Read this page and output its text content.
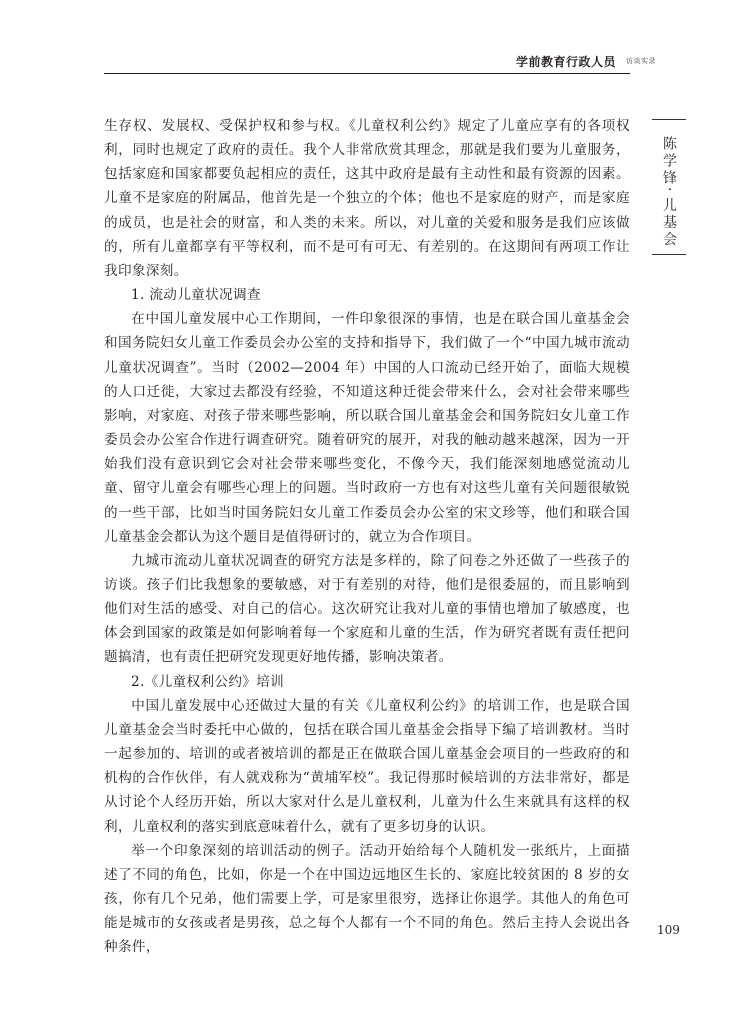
学前教育行政人员 访谈实录
陈学锋·儿基会

生存权、发展权、受保护权和参与权。《儿童权利公约》规定了儿童应享有的各项权利，同时也规定了政府的责任。我个人非常欣赏其理念，那就是我们要为儿童服务，包括家庭和国家都要负起相应的责任，这其中政府是最有主动性和最有资源的因素。儿童不是家庭的附属品，他首先是一个独立的个体；他也不是家庭的财产，而是家庭的成员，也是社会的财富，和人类的未来。所以，对儿童的关爱和服务是我们应该做的，所有儿童都享有平等权利，而不是可有可无、有差别的。在这期间有两项工作让我印象深刻。

1. 流动儿童状况调查

在中国儿童发展中心工作期间，一件印象很深的事情，也是在联合国儿童基金会和国务院妇女儿童工作委员会办公室的支持和指导下，我们做了一个“中国九城市流动儿童状况调查”。当时（2002—2004 年）中国的人口流动已经开始了，面临大规模的人口迁徙，大家过去都没有经验，不知道这种迁徙会带来什么，会对社会带来哪些影响，对家庭、对孩子带来哪些影响，所以联合国儿童基金会和国务院妇女儿童工作委员会办公室合作进行调查研究。随着研究的展开，对我的触动越来越深，因为一开始我们没有意识到它会对社会带来哪些变化，不像今天，我们能深刻地感觉流动儿童、留守儿童会有哪些心理上的问题。当时政府一方也有对这些儿童有关问题很敏锐的一些干部，比如当时国务院妇女儿童工作委员会办公室的宋文珍等，他们和联合国儿童基金会都认为这个题目是值得研讨的，就立为合作项目。

九城市流动儿童状况调查的研究方法是多样的，除了问卷之外还做了一些孩子的访谈。孩子们比我想象的要敏感，对于有差别的对待，他们是很委屈的，而且影响到他们对生活的感受、对自己的信心。这次研究让我对儿童的事情也增加了敏感度，也体会到国家的政策是如何影响着每一个家庭和儿童的生活，作为研究者既有责任把问题搞清，也有责任把研究发现更好地传播，影响决策者。

2.《儿童权利公约》培训

中国儿童发展中心还做过大量的有关《儿童权利公约》的培训工作，也是联合国儿童基金会当时委托中心做的，包括在联合国儿童基金会指导下编了培训教材。当时一起参加的、培训的或者被培训的都是正在做联合国儿童基金会项目的一些政府的和机构的合作伙伴，有人就戏称为“黄埔军校”。我记得那时候培训的方法非常好，都是从讨论个人经历开始，所以大家对什么是儿童权利，儿童为什么生来就具有这样的权利，儿童权利的落实到底意味着什么，就有了更多切身的认识。

举一个印象深刻的培训活动的例子。活动开始给每个人随机发一张纸片，上面描述了不同的角色，比如，你是一个在中国边远地区生长的、家庭比较贫困的 8 岁的女孩，你有几个兄弟，他们需要上学，可是家里很穷，选择让你退学。其他人的角色可能是城市的女孩或者是男孩，总之每个人都有一个不同的角色。然后主持人会说出各种条件，

109
